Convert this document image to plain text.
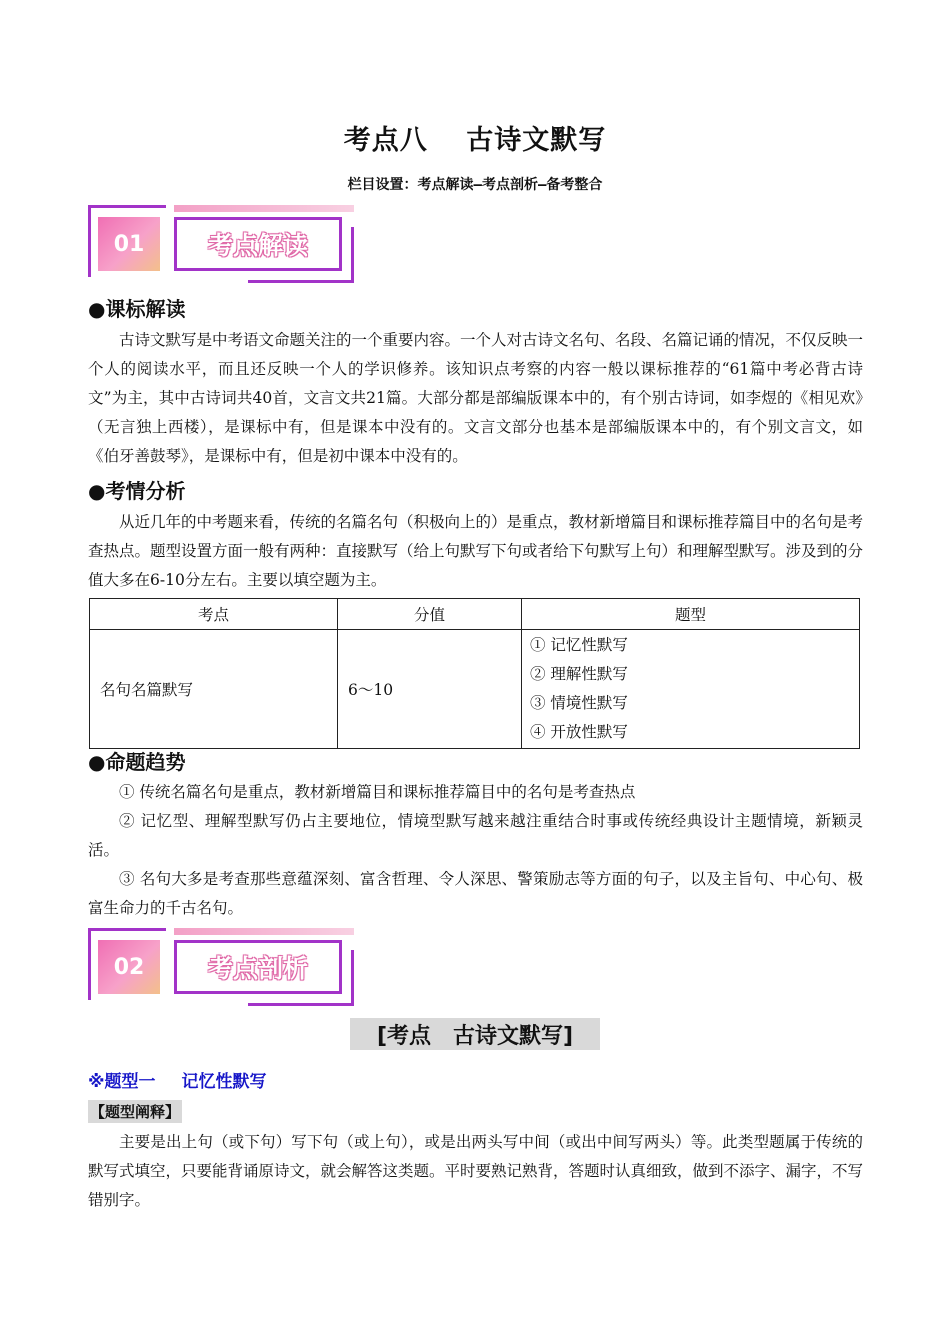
考点八　 古诗文默写
栏目设置：考点解读—考点剖析—备考整合
01	考点解读
●课标解读

古诗文默写是中考语文命题关注的一个重要内容。一个人对古诗文名句、名段、名篇记诵的情况，不仅反映一个人的阅读水平，而且还反映一个人的学识修养。该知识点考察的内容一般以课标推荐的“61篇中考必背古诗文”为主，其中古诗词共40首，文言文共21篇。大部分都是部编版课本中的，有个别古诗词，如李煜的《相见欢》（无言独上西楼），是课标中有，但是课本中没有的。文言文部分也基本是部编版课本中的，有个别文言文，如《伯牙善鼓琴》，是课标中有，但是初中课本中没有的。

●考情分析

从近几年的中考题来看，传统的名篇名句（积极向上的）是重点，教材新增篇目和课标推荐篇目中的名句是考查热点。题型设置方面一般有两种：直接默写（给上句默写下句或者给下句默写上句）和理解型默写。涉及到的分值大多在6-10分左右。主要以填空题为主。

考点	分值	题型
名句名篇默写	6～10	① 记忆性默写
② 理解性默写
③ 情境性默写
④ 开放性默写
●命题趋势

① 传统名篇名句是重点，教材新增篇目和课标推荐篇目中的名句是考查热点

② 记忆型、理解型默写仍占主要地位，情境型默写越来越注重结合时事或传统经典设计主题情境，新颖灵活。

③ 名句大多是考查那些意蕴深刻、富含哲理、令人深思、警策励志等方面的句子，以及主旨句、中心句、极富生命力的千古名句。

02	考点剖析
[考点　古诗文默写]
※题型一 记忆性默写
【题型阐释】

主要是出上句（或下句）写下句（或上句），或是出两头写中间（或出中间写两头）等。此类型题属于传统的默写式填空，只要能背诵原诗文，就会解答这类题。平时要熟记熟背，答题时认真细致，做到不添字、漏字，不写错别字。
